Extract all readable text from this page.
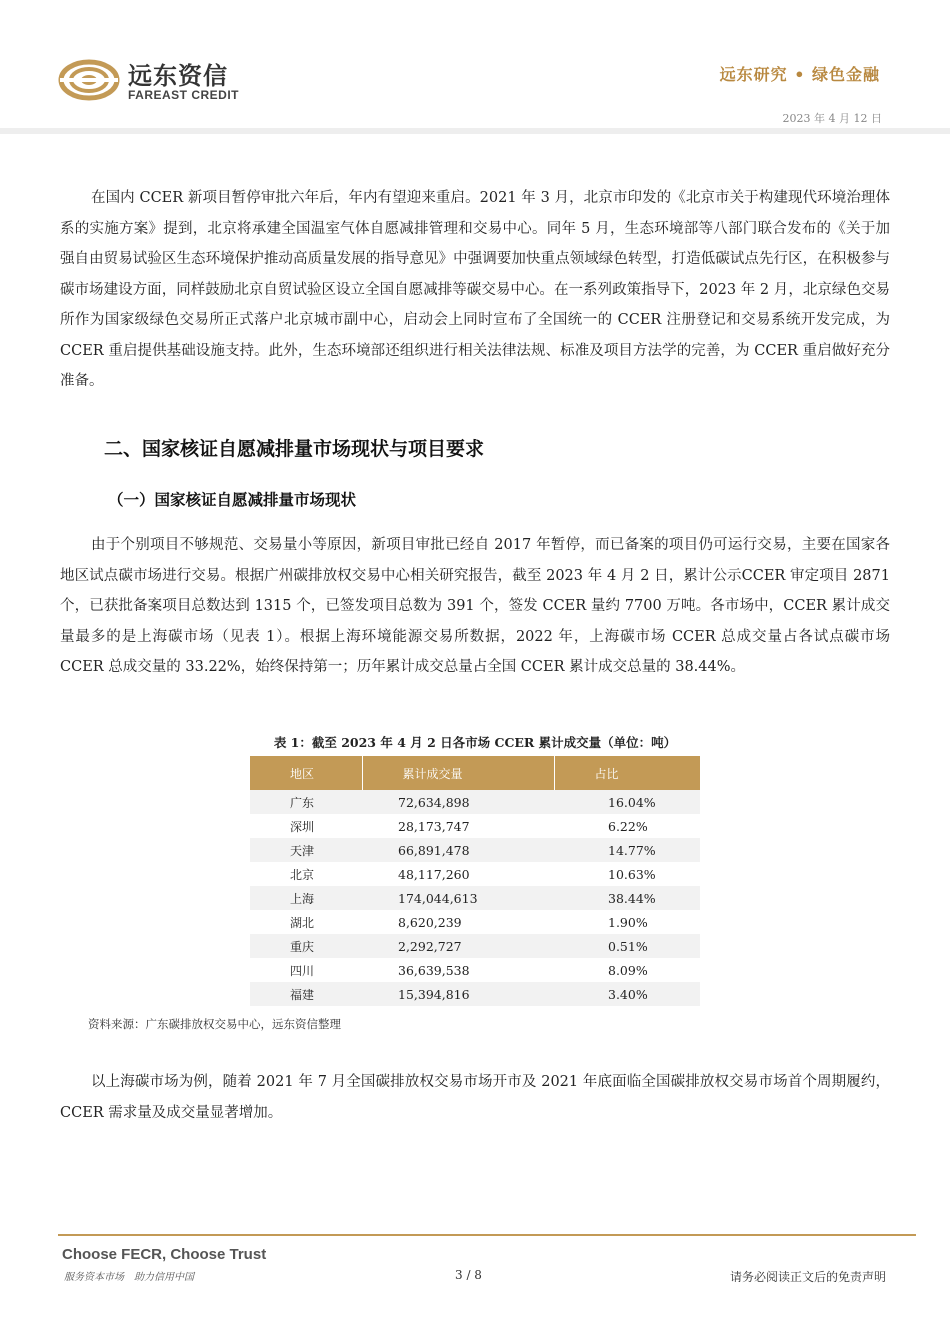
远东资信
FAREAST CREDIT
远东研究 • 绿色金融
2023 年 4 月 12 日

在国内 CCER 新项目暂停审批六年后，年内有望迎来重启。2021 年 3 月，北京市印发的《北京市关于构建现代环境治理体系的实施方案》提到，北京将承建全国温室气体自愿减排管理和交易中心。同年 5 月，生态环境部等八部门联合发布的《关于加强自由贸易试验区生态环境保护推动高质量发展的指导意见》中强调要加快重点领域绿色转型，打造低碳试点先行区，在积极参与碳市场建设方面，同样鼓励北京自贸试验区设立全国自愿减排等碳交易中心。在一系列政策指导下，2023 年 2 月，北京绿色交易所作为国家级绿色交易所正式落户北京城市副中心，启动会上同时宣布了全国统一的 CCER 注册登记和交易系统开发完成，为 CCER 重启提供基础设施支持。此外，生态环境部还组织进行相关法律法规、标准及项目方法学的完善，为 CCER 重启做好充分准备。

二、国家核证自愿减排量市场现状与项目要求
（一）国家核证自愿减排量市场现状

由于个别项目不够规范、交易量小等原因，新项目审批已经自 2017 年暂停，而已备案的项目仍可运行交易，主要在国家各地区试点碳市场进行交易。根据广州碳排放权交易中心相关研究报告，截至 2023 年 4 月 2 日，累计公示CCER 审定项目 2871 个，已获批备案项目总数达到 1315 个，已签发项目总数为 391 个，签发 CCER 量约 7700 万吨。各市场中，CCER 累计成交量最多的是上海碳市场（见表 1）。根据上海环境能源交易所数据，2022 年，上海碳市场 CCER 总成交量占各试点碳市场 CCER 总成交量的 33.22%，始终保持第一；历年累计成交总量占全国 CCER 累计成交总量的 38.44%。

表 1：截至 2023 年 4 月 2 日各市场 CCER 累计成交量（单位：吨）
地区	累计成交量	占比
广东	72,634,898	16.04%
深圳	28,173,747	6.22%
天津	66,891,478	14.77%
北京	48,117,260	10.63%
上海	174,044,613	38.44%
湖北	8,620,239	1.90%
重庆	2,292,727	0.51%
四川	36,639,538	8.09%
福建	15,394,816	3.40%
资料来源：广东碳排放权交易中心，远东资信整理

以上海碳市场为例，随着 2021 年 7 月全国碳排放权交易市场开市及 2021 年底面临全国碳排放权交易市场首个周期履约，CCER 需求量及成交量显著增加。

Choose FECR, Choose Trust
服务资本市场　助力信用中国	3 / 8	请务必阅读正文后的免责声明
